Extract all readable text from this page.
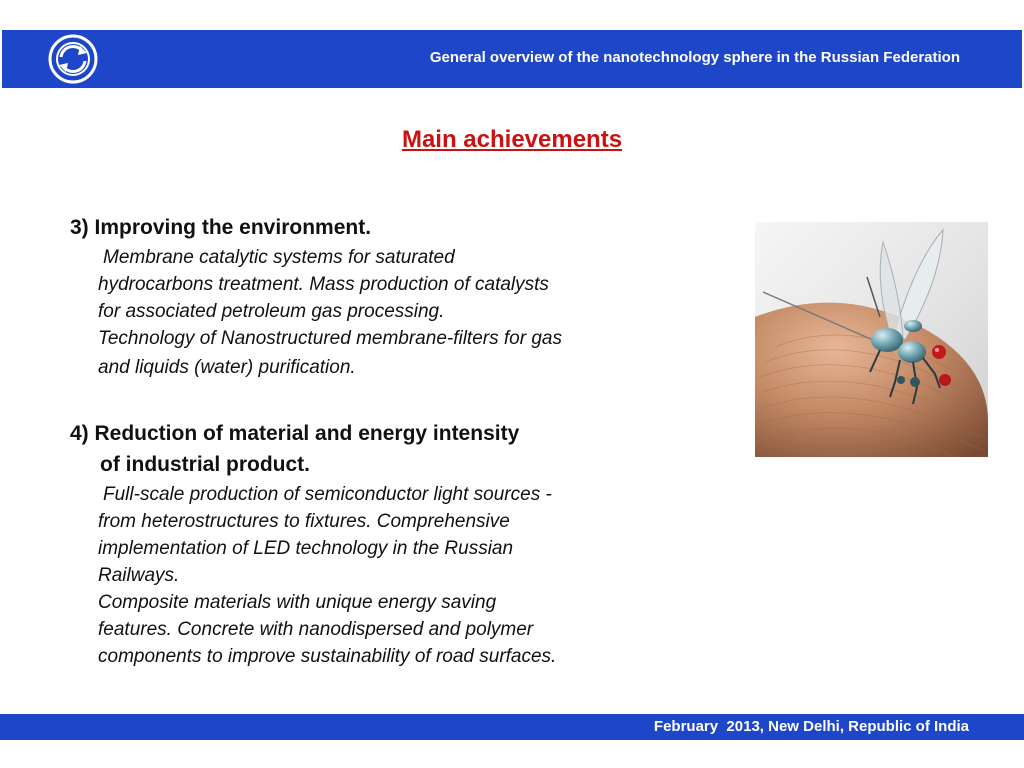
General overview of the nanotechnology sphere in the Russian Federation
Main achievements
3) Improving the environment.
Membrane catalytic systems for saturated
hydrocarbons treatment. Mass production of catalysts
for associated petroleum gas processing.
Technology of Nanostructured membrane-filters for gas
and liquids (water) purification.
4) Reduction of material and energy intensity
of industrial product.
Full-scale production of semiconductor light sources -
from heterostructures to fixtures. Comprehensive
implementation of LED technology in the Russian
Railways.
Composite materials with unique energy saving
features. Concrete with nanodispersed and polymer
components to improve sustainability of road surfaces.
February  2013, New Delhi, Republic of India
